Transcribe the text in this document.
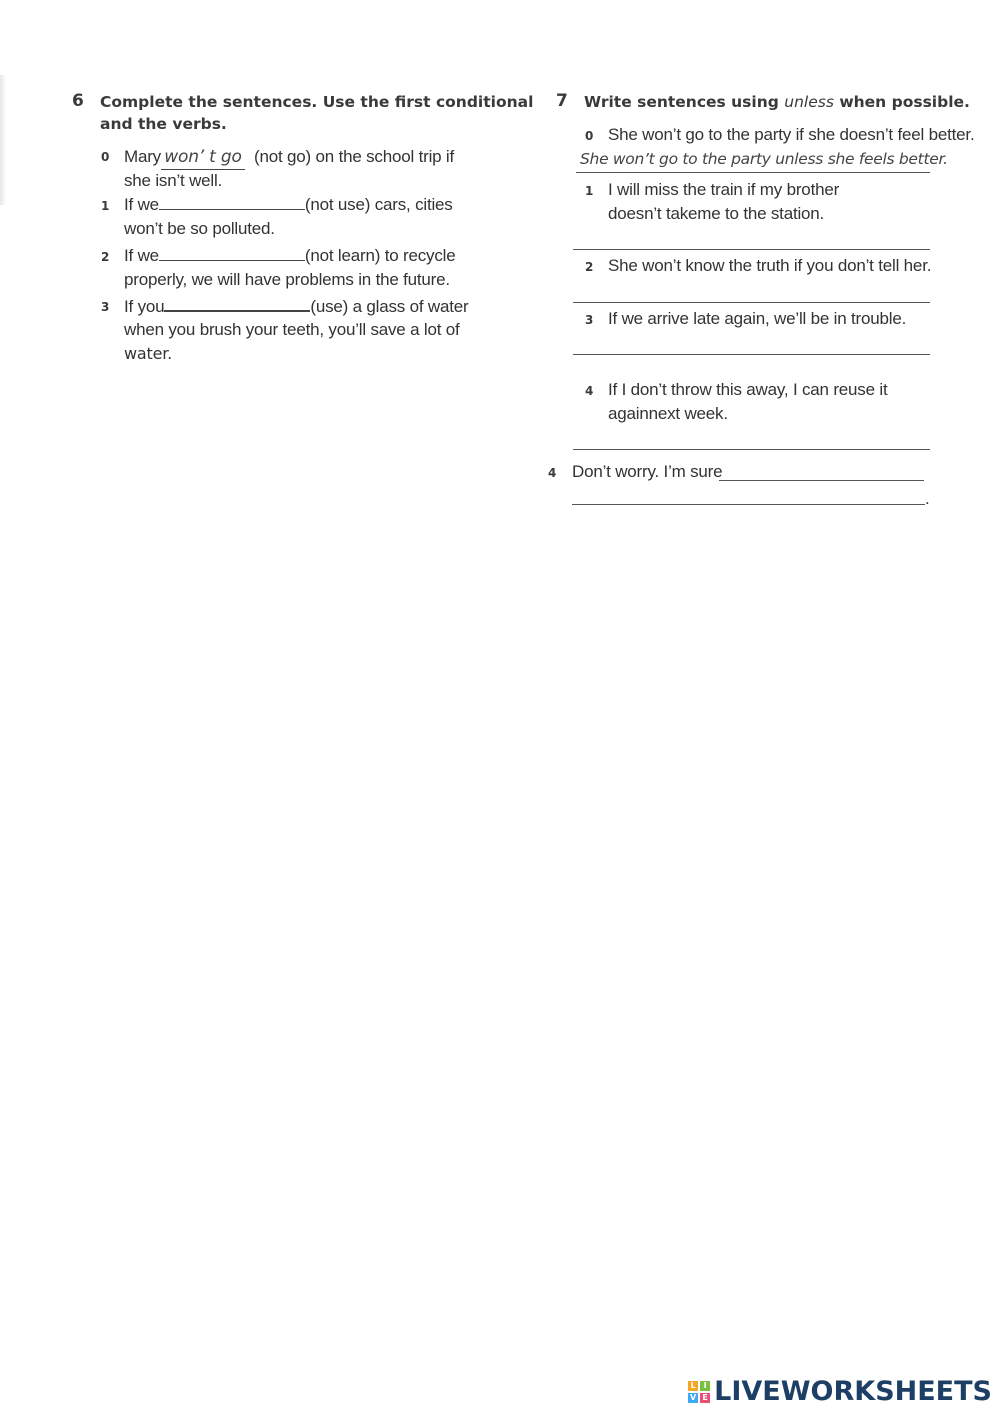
6 Complete the sentences. Use the first conditional
and the verbs.
0 Mary won’ t go (not go) on the school trip if
she isn’t well.
1 If we	(not use) cars, cities
won’t be so polluted.
2 If we	(not learn) to recycle
properly, we will have problems in the future.
3 If you	(use) a glass of water
when you brush your teeth, you’ll save a lot of
water.
7 Write sentences using unless when possible.
0 She won’t go to the party if she doesn’t feel better.
She won’t go to the party unless she feels better.
1 I will miss the train if my brother
doesn’t takeme to the station.
2 She won’t know the truth if you don’t tell her.
3 If we arrive late again, we’ll be in trouble.
4 If I don’t throw this away, I can reuse it
againnext week.
4 Don’t worry. I’m sure
.
L I
V E LIVEWORKSHEETS
